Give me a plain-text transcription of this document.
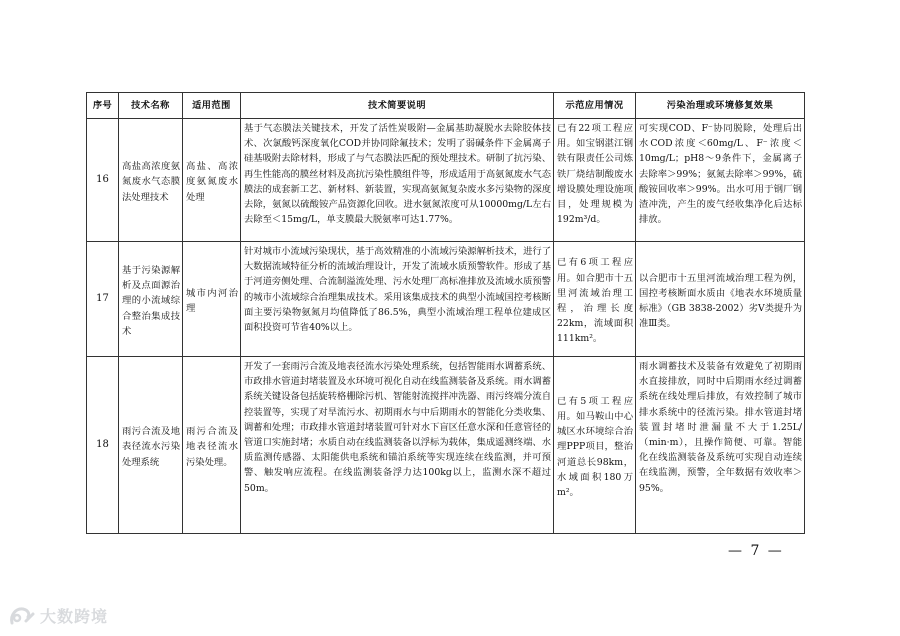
序号	技术名称	适用范围	技术简要说明	示范应用情况	污染治理或环境修复效果
16	高盐高浓度氨氮废水气态膜法处理技术	高盐、高浓度氨氮废水处理	基于气态膜法关键技术，开发了活性炭吸附—金属基助凝脱水去除胶体技术、次氯酸钙深度氧化COD并协同除氟技术；发明了弱碱条件下金属离子硅基吸附去除材料，形成了与气态膜法匹配的预处理技术。研制了抗污染、再生性能高的膜丝材料及高抗污染性膜组件等，形成适用于高氨氮废水气态膜法的成套新工艺、新材料、新装置，实现高氨氮复杂废水多污染物的深度去除，氨氮以硫酸铵产品资源化回收。进水氨氮浓度可从10000mg/L左右去除至＜15mg/L，单支膜最大脱氨率可达1.77%。	已有22项工程应用。如宝钢湛江钢铁有限责任公司炼铁厂烧结制酸废水增设膜处理设施项目，处理规模为192m³/d。	可实现COD、F⁻协同脱除，处理后出水COD浓度＜60mg/L、F⁻浓度＜10mg/L；pH8～9条件下，金属离子去除率＞99%；氨氮去除率＞99%，硫酸铵回收率＞99%。出水可用于钢厂钢渣冲洗，产生的废气经收集净化后达标排放。

17	基于污染源解析及点面源治理的小流域综合整治集成技术	城市内河治理	针对城市小流域污染现状，基于高效精准的小流域污染源解析技术，进行了大数据流域特征分析的流域治理设计，开发了流域水质预警软件。形成了基于河道旁侧处理、合流制溢流处理、污水处理厂高标准排放及流域水质预警的城市小流域综合治理集成技术。采用该集成技术的典型小流域国控考核断面主要污染物氨氮月均值降低了86.5%，典型小流域治理工程单位建成区面积投资可节省40%以上。	已有6项工程应用。如合肥市十五里河流域治理工程，治理长度22km，流域面积111km²。	以合肥市十五里河流域治理工程为例，国控考核断面水质由《地表水环境质量标准》（GB 3838-2002）劣Ⅴ类提升为准Ⅲ类。

18	雨污合流及地表径流水污染处理系统	雨污合流及地表径流水污染处理。	开发了一套雨污合流及地表径流水污染处理系统，包括智能雨水调蓄系统、市政排水管道封堵装置及水环境可视化自动在线监测装备及系统。雨水调蓄系统关键设备包括旋转格栅除污机、智能射流搅拌冲洗器、雨污终端分流自控装置等，实现了对旱流污水、初期雨水与中后期雨水的智能化分类收集、调蓄和处理；市政排水管道封堵装置可针对水下盲区任意水深和任意管径的管道口实施封堵；水质自动在线监测装备以浮标为载体，集成遥测终端、水质监测传感器、太阳能供电系统和锚泊系统等实现连续在线监测，并可预警、触发响应流程。在线监测装备浮力达100kg以上，监测水深不超过50m。	已有5项工程应用。如马鞍山中心城区水环境综合治理PPP项目，整治河道总长98km，水域面积180万m²。	雨水调蓄技术及装备有效避免了初期雨水直接排放，同时中后期雨水经过调蓄系统在线处理后排放，有效控制了城市排水系统中的径流污染。排水管道封堵装置封堵时泄漏量不大于1.25L/（min·m），且操作简便、可靠。智能化在线监测装备及系统可实现自动连续在线监测，预警，全年数据有效收率＞95%。
— 7 —
大数跨境
